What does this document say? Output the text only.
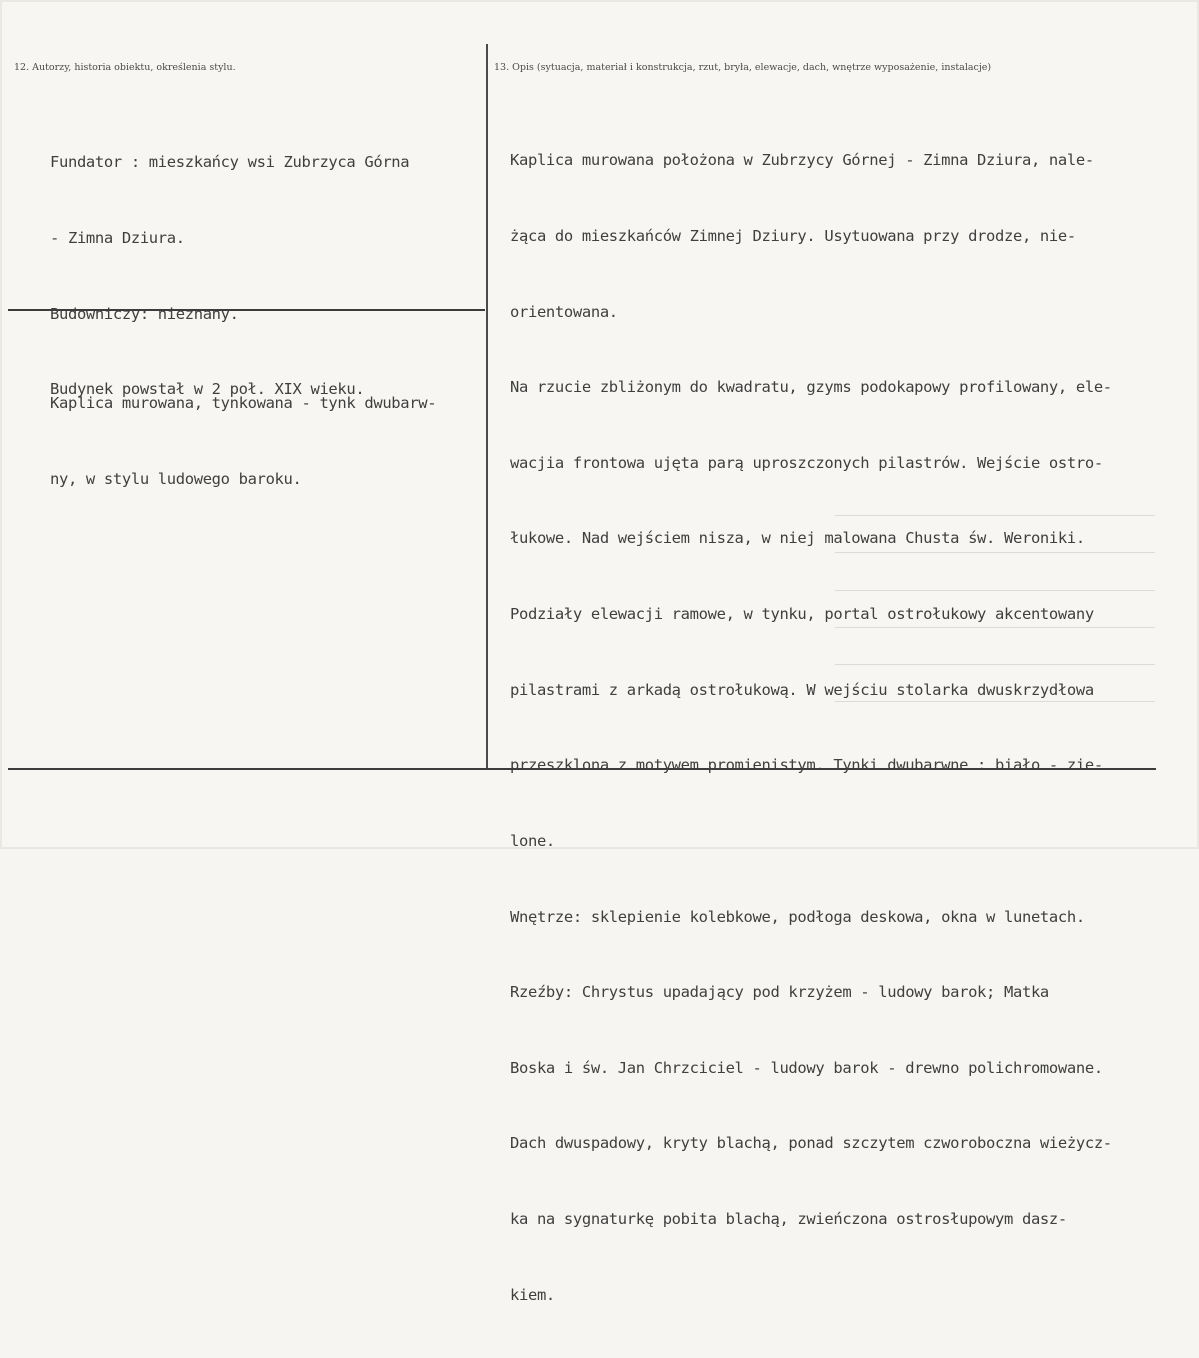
12. Autorzy, historia obiektu, określenia stylu.	13. Opis (sytuacja, materiał i konstrukcja, rzut, bryła, elewacje, dach, wnętrze wyposażenie, instalacje)

Fundator : mieszkańcy wsi Zubrzyca Górna

- Zimna Dziura.

Budowniczy: nieznany.

Budynek powstał w 2 poł. XIX wieku.

Kaplica murowana, tynkowana - tynk dwubarw-

ny, w stylu ludowego baroku.

Kaplica murowana położona w Zubrzycy Górnej - Zimna Dziura, nale-

żąca do mieszkańców Zimnej Dziury. Usytuowana przy drodze, nie-

orientowana.

Na rzucie zbliżonym do kwadratu, gzyms podokapowy profilowany, ele-

wacjia frontowa ujęta parą uproszczonych pilastrów. Wejście ostro-

łukowe. Nad wejściem nisza, w niej malowana Chusta św. Weroniki.

Podziały elewacji ramowe, w tynku, portal ostrołukowy akcentowany

pilastrami z arkadą ostrołukową. W wejściu stolarka dwuskrzydłowa

przeszklona z motywem promienistym. Tynki dwubarwne : biało - zie-

lone.

Wnętrze: sklepienie kolebkowe, podłoga deskowa, okna w lunetach.

Rzeźby: Chrystus upadający pod krzyżem - ludowy barok; Matka

Boska i św. Jan Chrzciciel - ludowy barok - drewno polichromowane.

Dach dwuspadowy, kryty blachą, ponad szczytem czworoboczna wieżycz-

ka na sygnaturkę pobita blachą, zwieńczona ostrosłupowym dasz-

kiem.
